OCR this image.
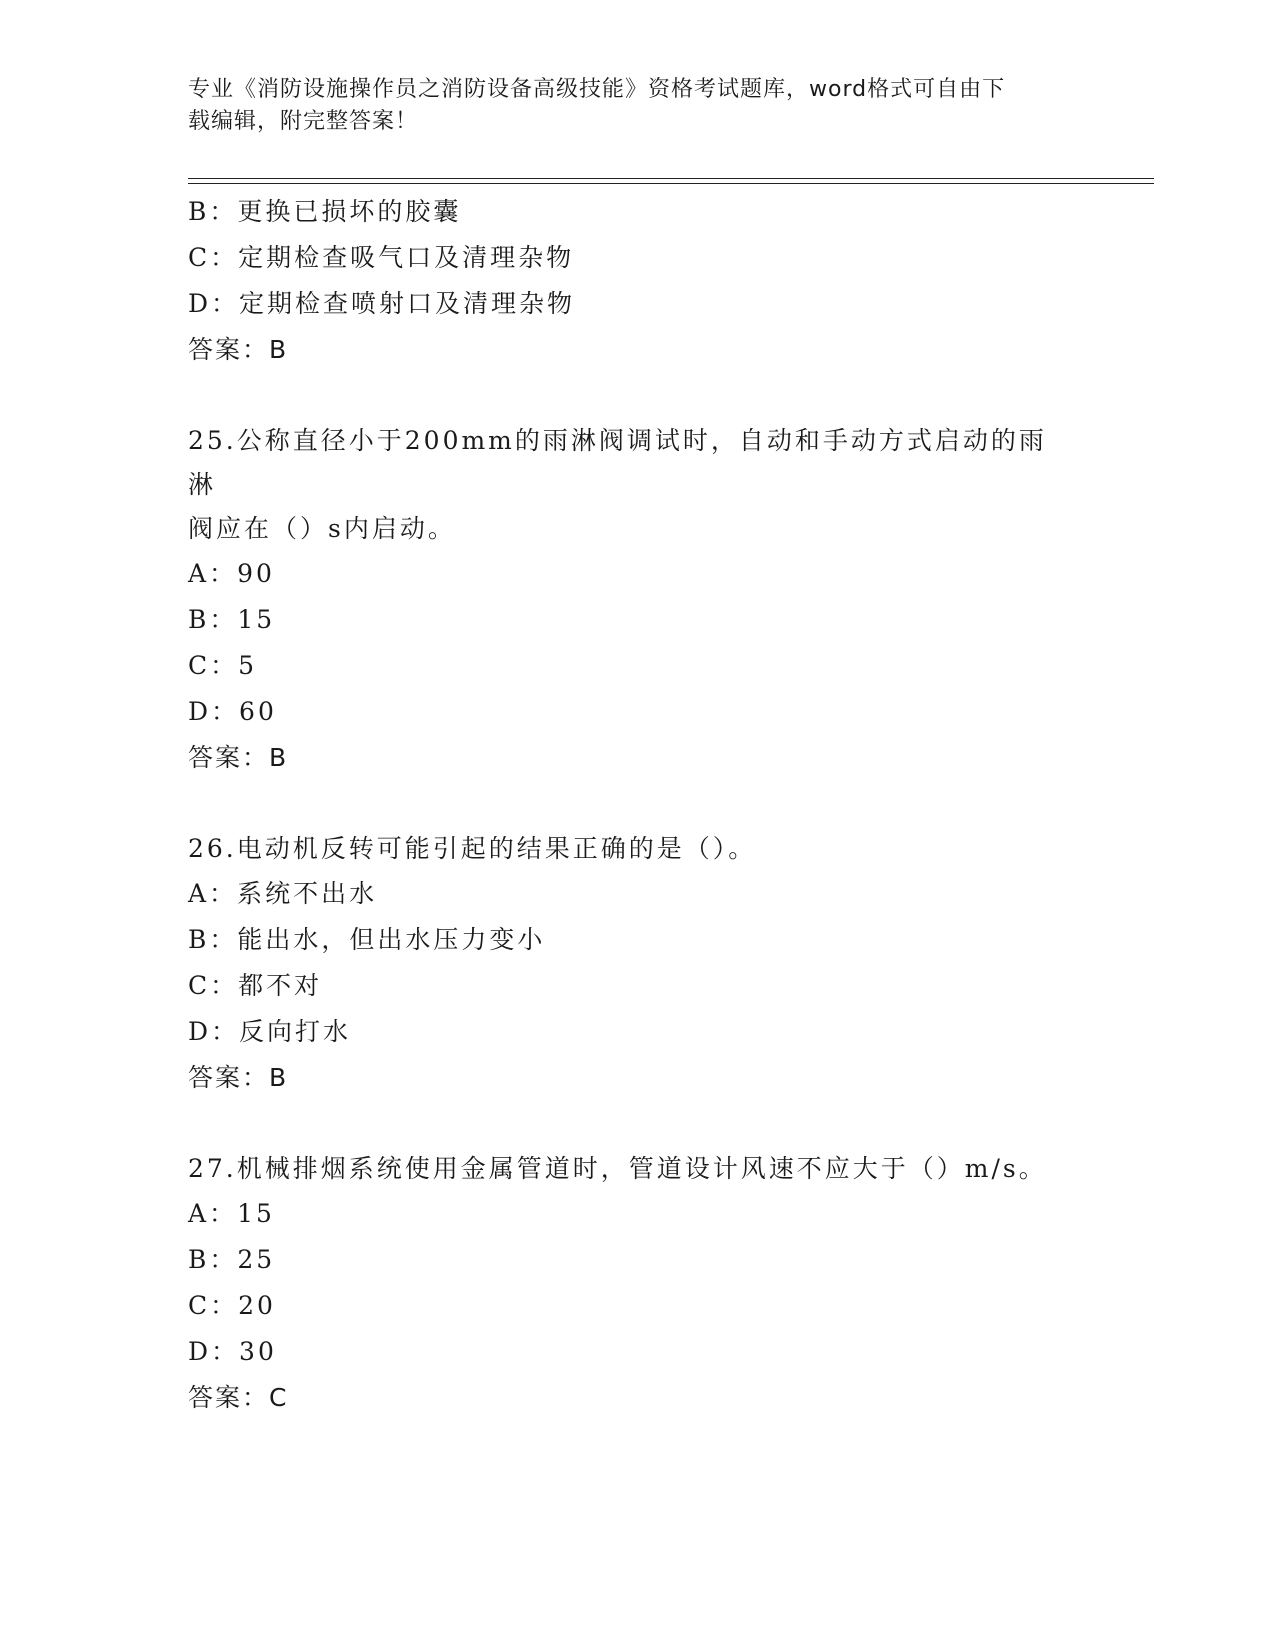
专业《消防设施操作员之消防设备高级技能》资格考试题库，word格式可自由下
载编辑，附完整答案！
B：更换已损坏的胶囊
C：定期检查吸气口及清理杂物
D：定期检查喷射口及清理杂物
答案：B
25.公称直径小于200mm的雨淋阀调试时，自动和手动方式启动的雨淋
阀应在（）s内启动。
A：90
B：15
C：5
D：60
答案：B
26.电动机反转可能引起的结果正确的是（）。
A：系统不出水
B：能出水，但出水压力变小
C：都不对
D：反向打水
答案：B
27.机械排烟系统使用金属管道时，管道设计风速不应大于（）m/s。
A：15
B：25
C：20
D：30
答案：C
